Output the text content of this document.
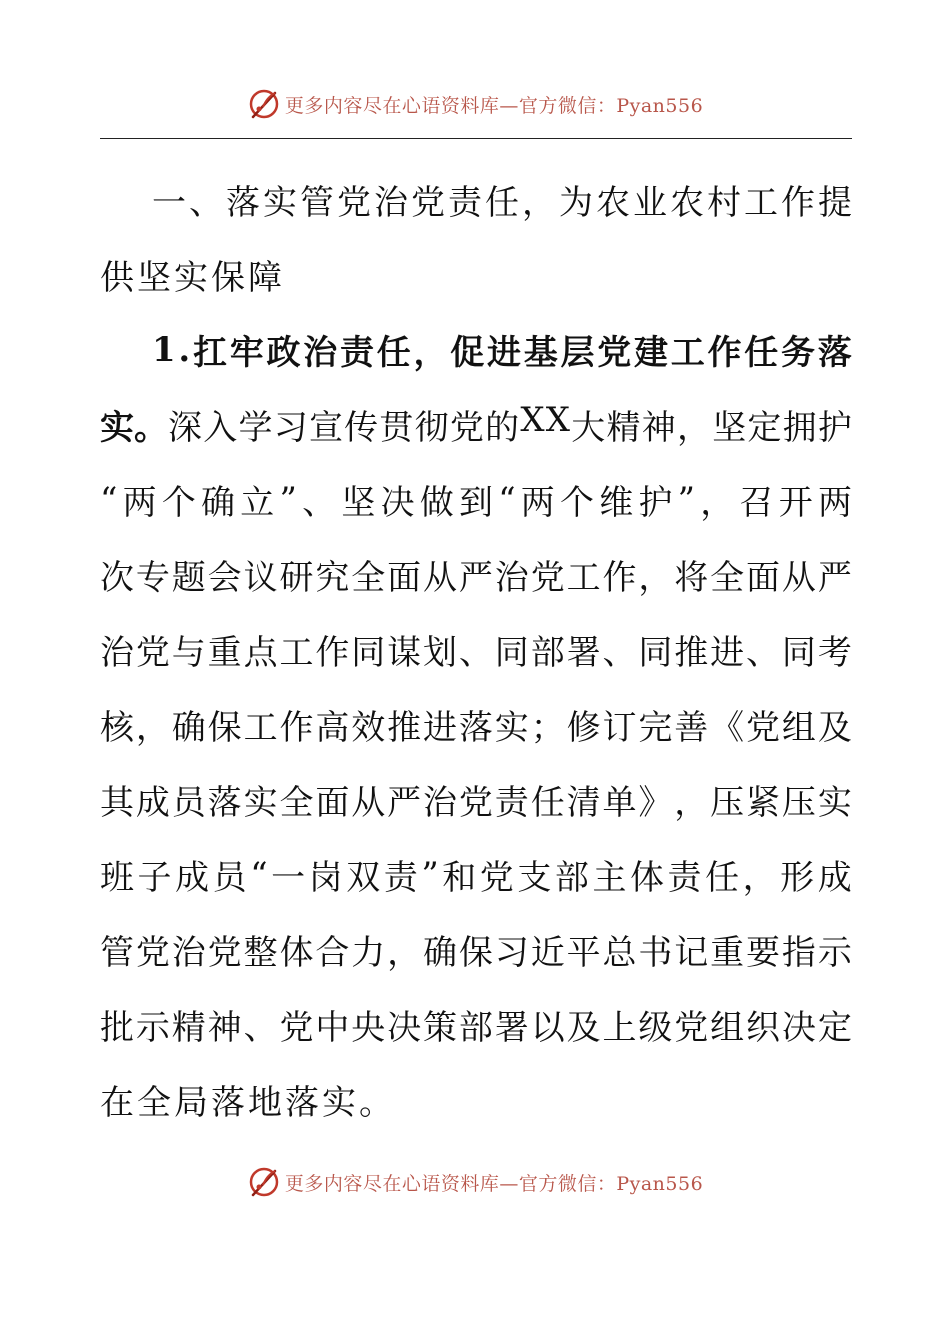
更多内容尽在心语资料库—官方微信：Pyan556
一 、 落 实 管 党 治 党 责 任 ， 为 农 业 农 村 工 作 提
供坚实保障
1 . 扛 牢 政 治 责 任 ， 促 进 基 层 党 建 工 作 任 务 落
实。 深 入 学 习 宣 传 贯 彻 党 的 X X 大 精 神 ， 坚 定 拥 护
“ 两 个 确 立 ” 、 坚 决 做 到 “ 两 个 维 护 ” ， 召 开 两
次 专 题 会 议 研 究 全 面 从 严 治 党 工 作 ， 将 全 面 从 严
治 党 与 重 点 工 作 同 谋 划 、 同 部 署 、 同 推 进 、 同 考
核 ， 确 保 工 作 高 效 推 进 落 实 ； 修 订 完 善 《 党 组 及
其 成 员 落 实 全 面 从 严 治 党 责 任 清 单 》 ， 压 紧 压 实
班 子 成 员 “ 一 岗 双 责 ” 和 党 支 部 主 体 责 任 ， 形 成
管 党 治 党 整 体 合 力 ， 确 保 习 近 平 总 书 记 重 要 指 示
批 示 精 神 、 党 中 央 决 策 部 署 以 及 上 级 党 组 织 决 定
在全局落地落实。
更多内容尽在心语资料库—官方微信：Pyan556
